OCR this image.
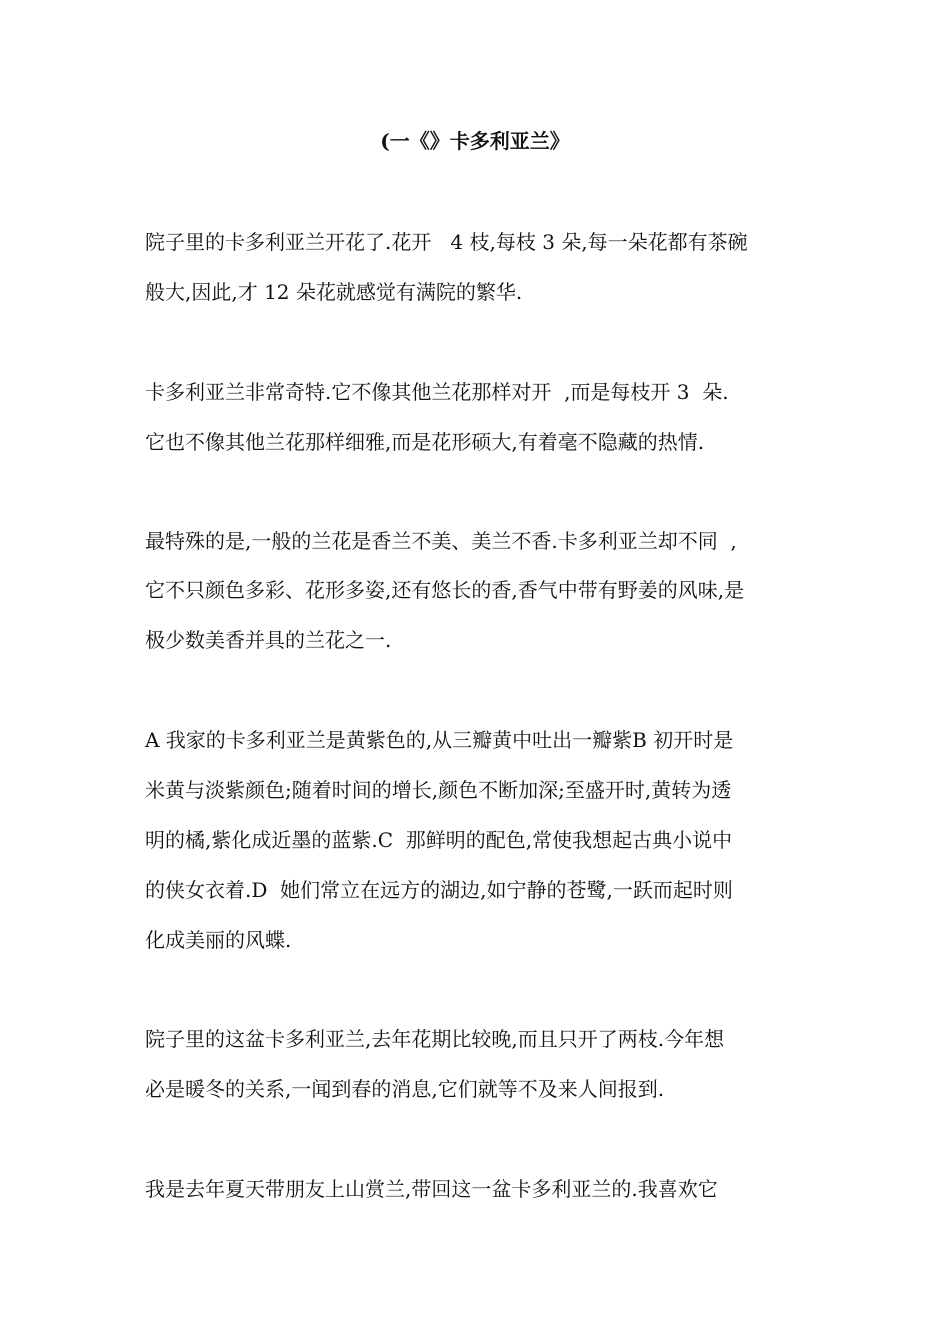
(一《》卡多利亚兰》
院子里的卡多利亚兰开花了.花开   4 枝,每枝 3 朵,每一朵花都有茶碗
般大,因此,才 12 朵花就感觉有满院的繁华.
卡多利亚兰非常奇特.它不像其他兰花那样对开  ,而是每枝开 3  朵.
它也不像其他兰花那样细雅,而是花形硕大,有着毫不隐藏的热情.
最特殊的是,一般的兰花是香兰不美、美兰不香.卡多利亚兰却不同  ,
它不只颜色多彩、花形多姿,还有悠长的香,香气中带有野姜的风味,是
极少数美香并具的兰花之一.
A 我家的卡多利亚兰是黄紫色的,从三瓣黄中吐出一瓣紫B 初开时是
米黄与淡紫颜色;随着时间的增长,颜色不断加深;至盛开时,黄转为透
明的橘,紫化成近墨的蓝紫.C  那鲜明的配色,常使我想起古典小说中
的侠女衣着.D  她们常立在远方的湖边,如宁静的苍鹭,一跃而起时则
化成美丽的风蝶.
院子里的这盆卡多利亚兰,去年花期比较晚,而且只开了两枝.今年想
必是暖冬的关系,一闻到春的消息,它们就等不及来人间报到.
我是去年夏天带朋友上山赏兰,带回这一盆卡多利亚兰的.我喜欢它
